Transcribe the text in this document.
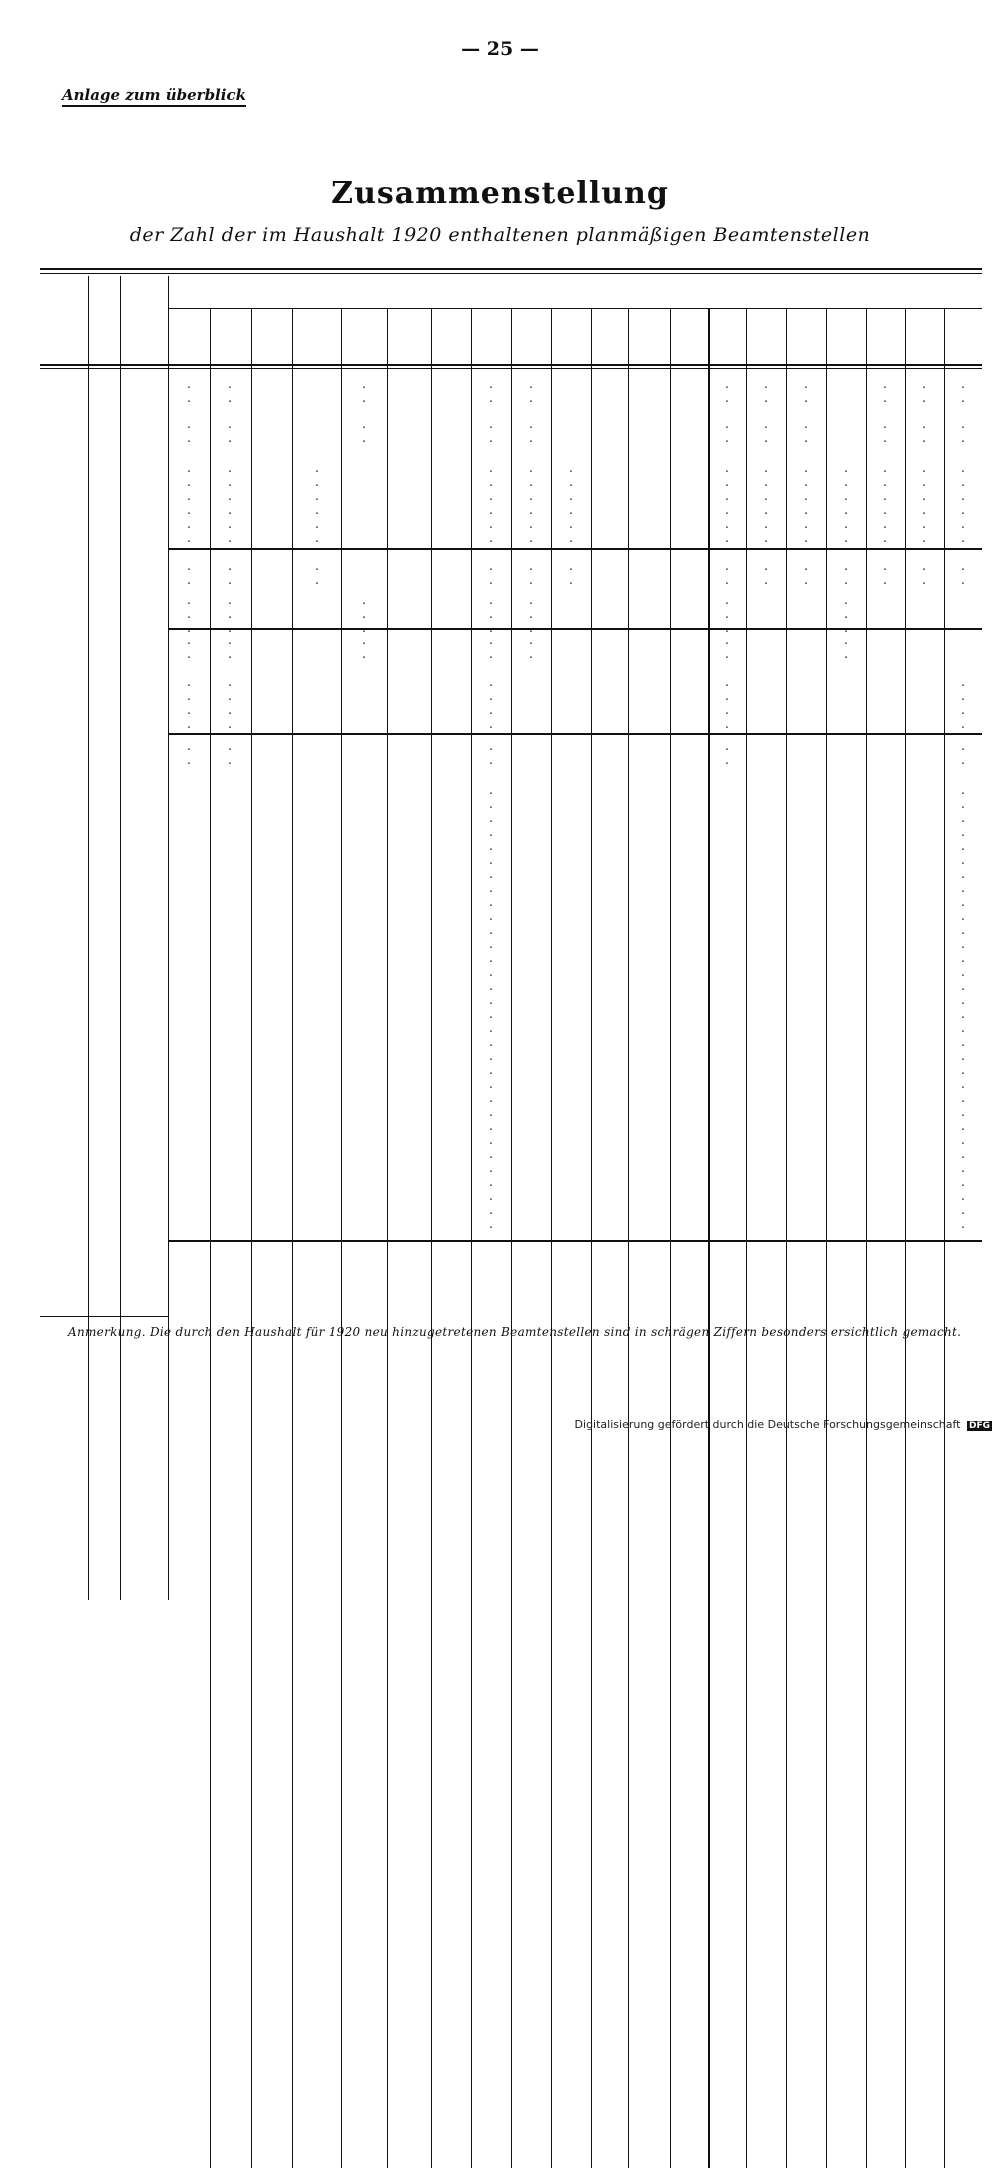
— 25 —
Anlage zum überblick
Zusammenstellung
der Zahl der im Haushalt 1920 enthaltenen planmäßigen Beamtenstellen
.
.
.
.
.
.
.
.
.
.
.
.
.
.
.
.
.
.
.
.
.
.
.
.
.
.
.
.
.
.
.
.
.
.
.
.
.
.
.
.
.
.
.
.
.
.
.
.
.
.
.
.
.
.
.
.
.
.
.
.
.
.
.
.
.
.
.
.
.
.
.
.
.
.
.
.
.
.
.
.
.
.
.
.
.
.
.
.
.
.
.
.
.
.
.
.
.
.
.
.
.
.
.
.
.
.
.
.
.
.
.
.
.
.
.
.
.
.
.
.
.
.
.
.
.
.
.
.
.
.
.
.
.
.
.
.
.
.
.
.
.
.
.
.
.
.
.
.
.
.
.
.
.
.
.
.
.
.
.
.
.
.
.
.
.
.
.
.
.
.
.
.
.
.
.
.
.
.
.
.
.
.
.
.
.
.
.
.
.
.
.
.
.
.
.
.
.
.
.
.
.
.
.
.
.
.
.
.
.
.
.
.
.
.
.
.
.
.
.
.
.
.
.
.
.
.
.
.
.
.
.
.
.
.
.
.
.
.
.
.
.
.
.
.
.
.
.
.
.
.
.
.
.
.
.
.
.
.
.
.
.
.
.
.
.
.
.
.
.
.
.
.
.
.
.
.
.
Anmerkung. Die durch den Haushalt für 1920 neu hinzugetretenen Beamtenstellen sind in schrägen Ziffern besonders ersichtlich gemacht.
Digitalisierung gefördert durch die Deutsche Forschungsgemeinschaft DFG
